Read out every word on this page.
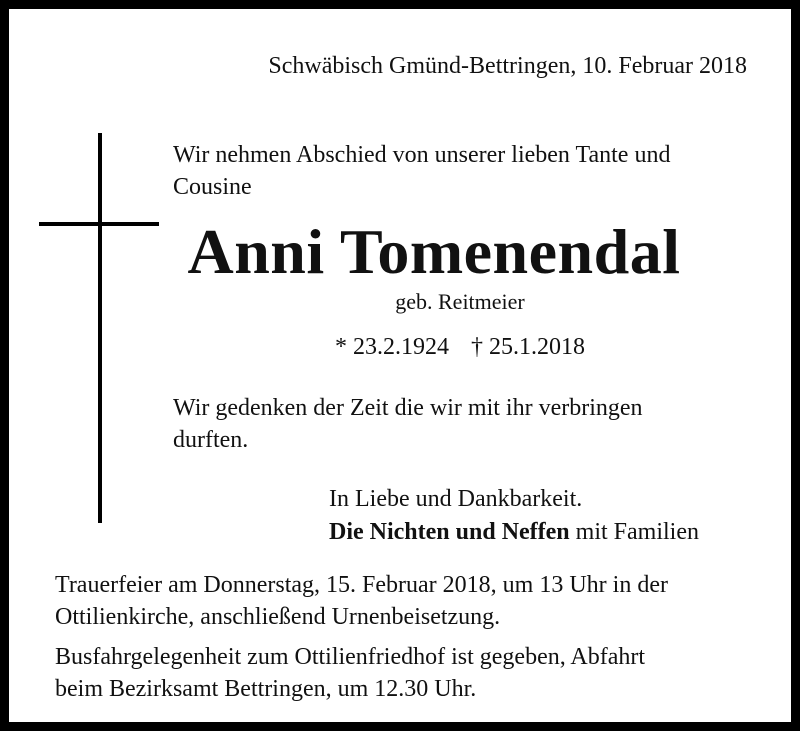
Schwäbisch Gmünd-Bettringen, 10. Februar 2018
Wir nehmen Abschied von unserer lieben Tante und
Cousine
Anni Tomenendal
geb. Reitmeier
* 23.2.1924 † 25.1.2018
Wir gedenken der Zeit die wir mit ihr verbringen
durften.
In Liebe und Dankbarkeit.
Die Nichten und Neffen mit Familien
Trauerfeier am Donnerstag, 15. Februar 2018, um 13 Uhr in der
Ottilienkirche, anschließend Urnenbeisetzung.
Busfahrgelegenheit zum Ottilienfriedhof ist gegeben, Abfahrt
beim Bezirksamt Bettringen, um 12.30 Uhr.
